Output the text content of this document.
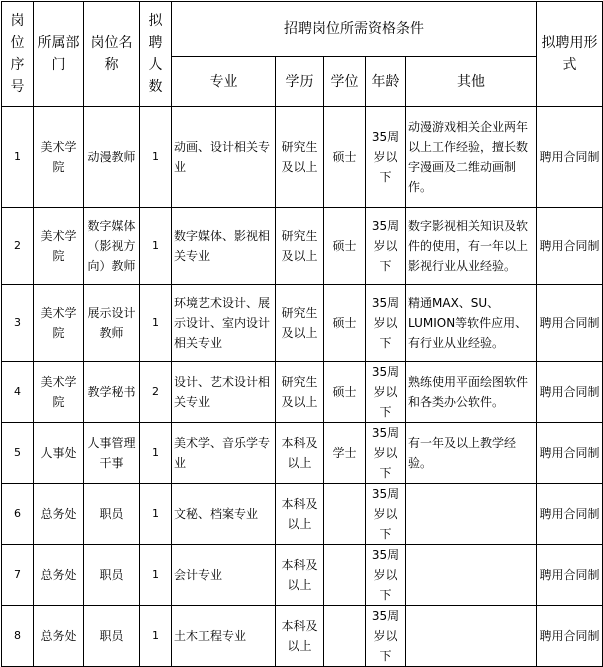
岗位序号	所属部门	岗位名称	拟聘人数	招聘岗位所需资格条件					拟聘用形式
				专业	学历	学位	年龄	其他	
1	美术学院	动漫教师	1	动画、设计相关专业	研究生及以上	硕士	35周岁以下	动漫游戏相关企业两年以上工作经验，擅长数字漫画及二维动画制作。	聘用合同制
2	美术学院	数字媒体（影视方向）教师	1	数字媒体、影视相关专业	研究生及以上	硕士	35周岁以下	数字影视相关知识及软件的使用，有一年以上影视行业从业经验。	聘用合同制
3	美术学院	展示设计教师	1	环境艺术设计、展示设计、室内设计相关专业	研究生及以上	硕士	35周岁以下	精通MAX、SU、LUMION等软件应用、有行业从业经验。	聘用合同制
4	美术学院	教学秘书	2	设计、艺术设计相关专业	研究生及以上	硕士	35周岁以下	熟练使用平面绘图软件和各类办公软件。	聘用合同制
5	人事处	人事管理干事	1	美术学、音乐学专业	本科及以上	学士	35周岁以下	有一年及以上教学经验。	聘用合同制
6	总务处	职员	1	文秘、档案专业	本科及以上		35周岁以下		聘用合同制
7	总务处	职员	1	会计专业	本科及以上		35周岁以下		聘用合同制
8	总务处	职员	1	土木工程专业	本科及以上		35周岁以下		聘用合同制
